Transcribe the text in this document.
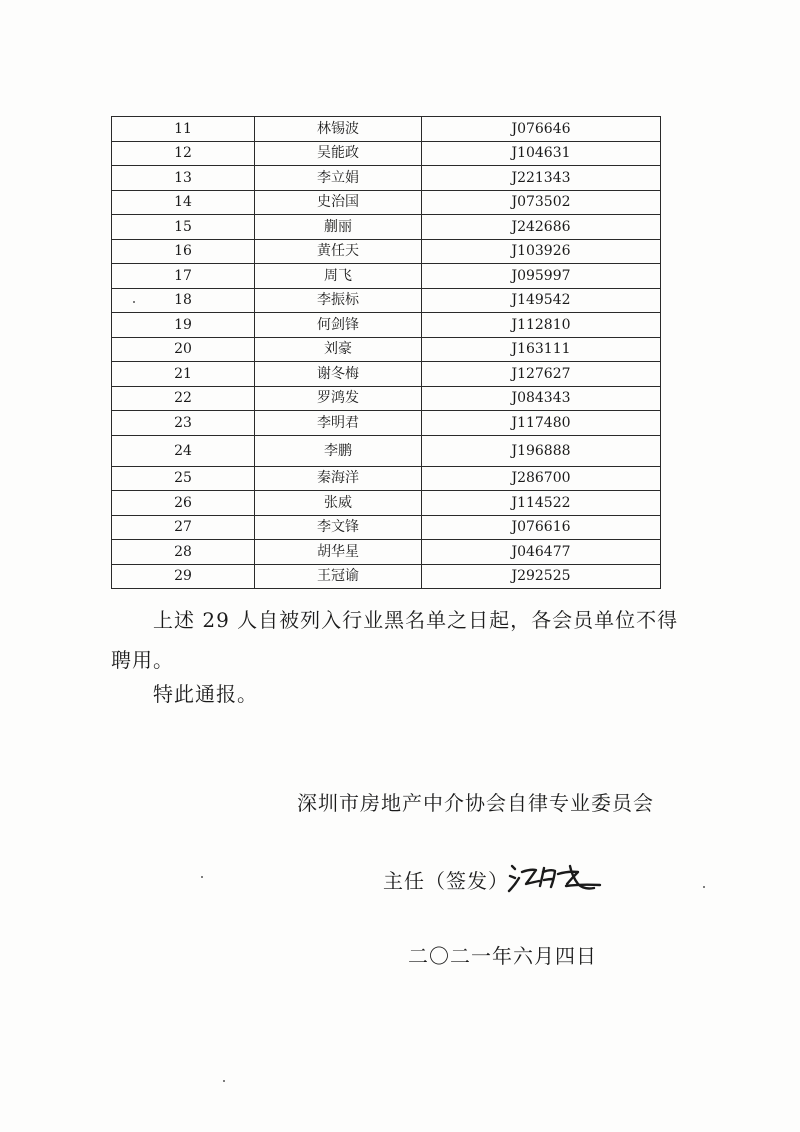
11	林锡波	J076646
12	吴能政	J104631
13	李立娟	J221343
14	史治国	J073502
15	蒯丽	J242686
16	黄任天	J103926
17	周飞	J095997
18	李振标	J149542
19	何剑锋	J112810
20	刘豪	J163111
21	谢冬梅	J127627
22	罗鸿发	J084343
23	李明君	J117480
24	李鹏	J196888
25	秦海洋	J286700
26	张威	J114522
27	李文锋	J076616
28	胡华星	J046477
29	王冠谕	J292525
上述 29 人自被列入行业黑名单之日起，各会员单位不得聘用。
特此通报。
深圳市房地产中介协会自律专业委员会
主任（签发）
二〇二一年六月四日
